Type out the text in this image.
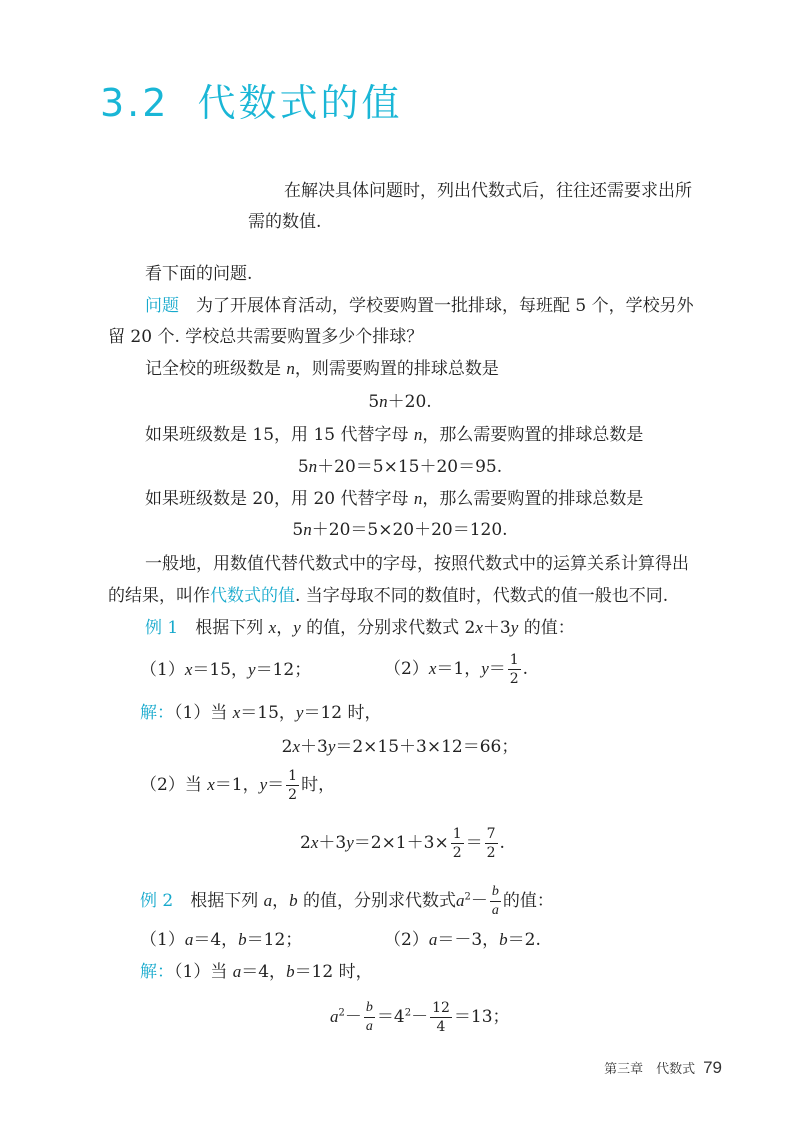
3.2 代数式的值
在解决具体问题时，列出代数式后，往往还需要求出所
需的数值.
看下面的问题.
问题　 为了开展体育活动，学校要购置一批排球，每班配 5 个，学校另外
留 20 个. 学校总共需要购置多少个排球？
记全校的班级数是 n，则需要购置的排球总数是
5n＋20.
如果班级数是 15，用 15 代替字母 n，那么需要购置的排球总数是
5n＋20＝5×15＋20＝95.
如果班级数是 20，用 20 代替字母 n，那么需要购置的排球总数是
5n＋20＝5×20＋20＝120.
一般地，用数值代替代数式中的字母，按照代数式中的运算关系计算得出
的结果，叫作代数式的值. 当字母取不同的数值时，代数式的值一般也不同.
例 1　 根据下列 x，y 的值，分别求代数式 2x＋3y 的值：
（1）x＝15，y＝12；	（2）x＝1，$y= \frac{1}{2}$ .
解：（1）当 x＝15，y＝12 时，
2x＋3y＝2×15＋3×12＝66；
（2）当 x＝1，$y= \frac{1}{2}$ 时，
$2x+3y=2\times 1+3\times \frac{1}{2} = \frac{7}{2}$ .
例 2　 根据下列 a，b 的值，分别求代数式$a^2- \frac{b}{a}$ 的值：
（1）a＝4，b＝12；	（2）a＝－3，b＝2.
解：（1）当 a＝4，b＝12 时，
$a^2- \frac{b}{a} =4^2- \frac{12}{4} =13$；
第三章　代数式 79
